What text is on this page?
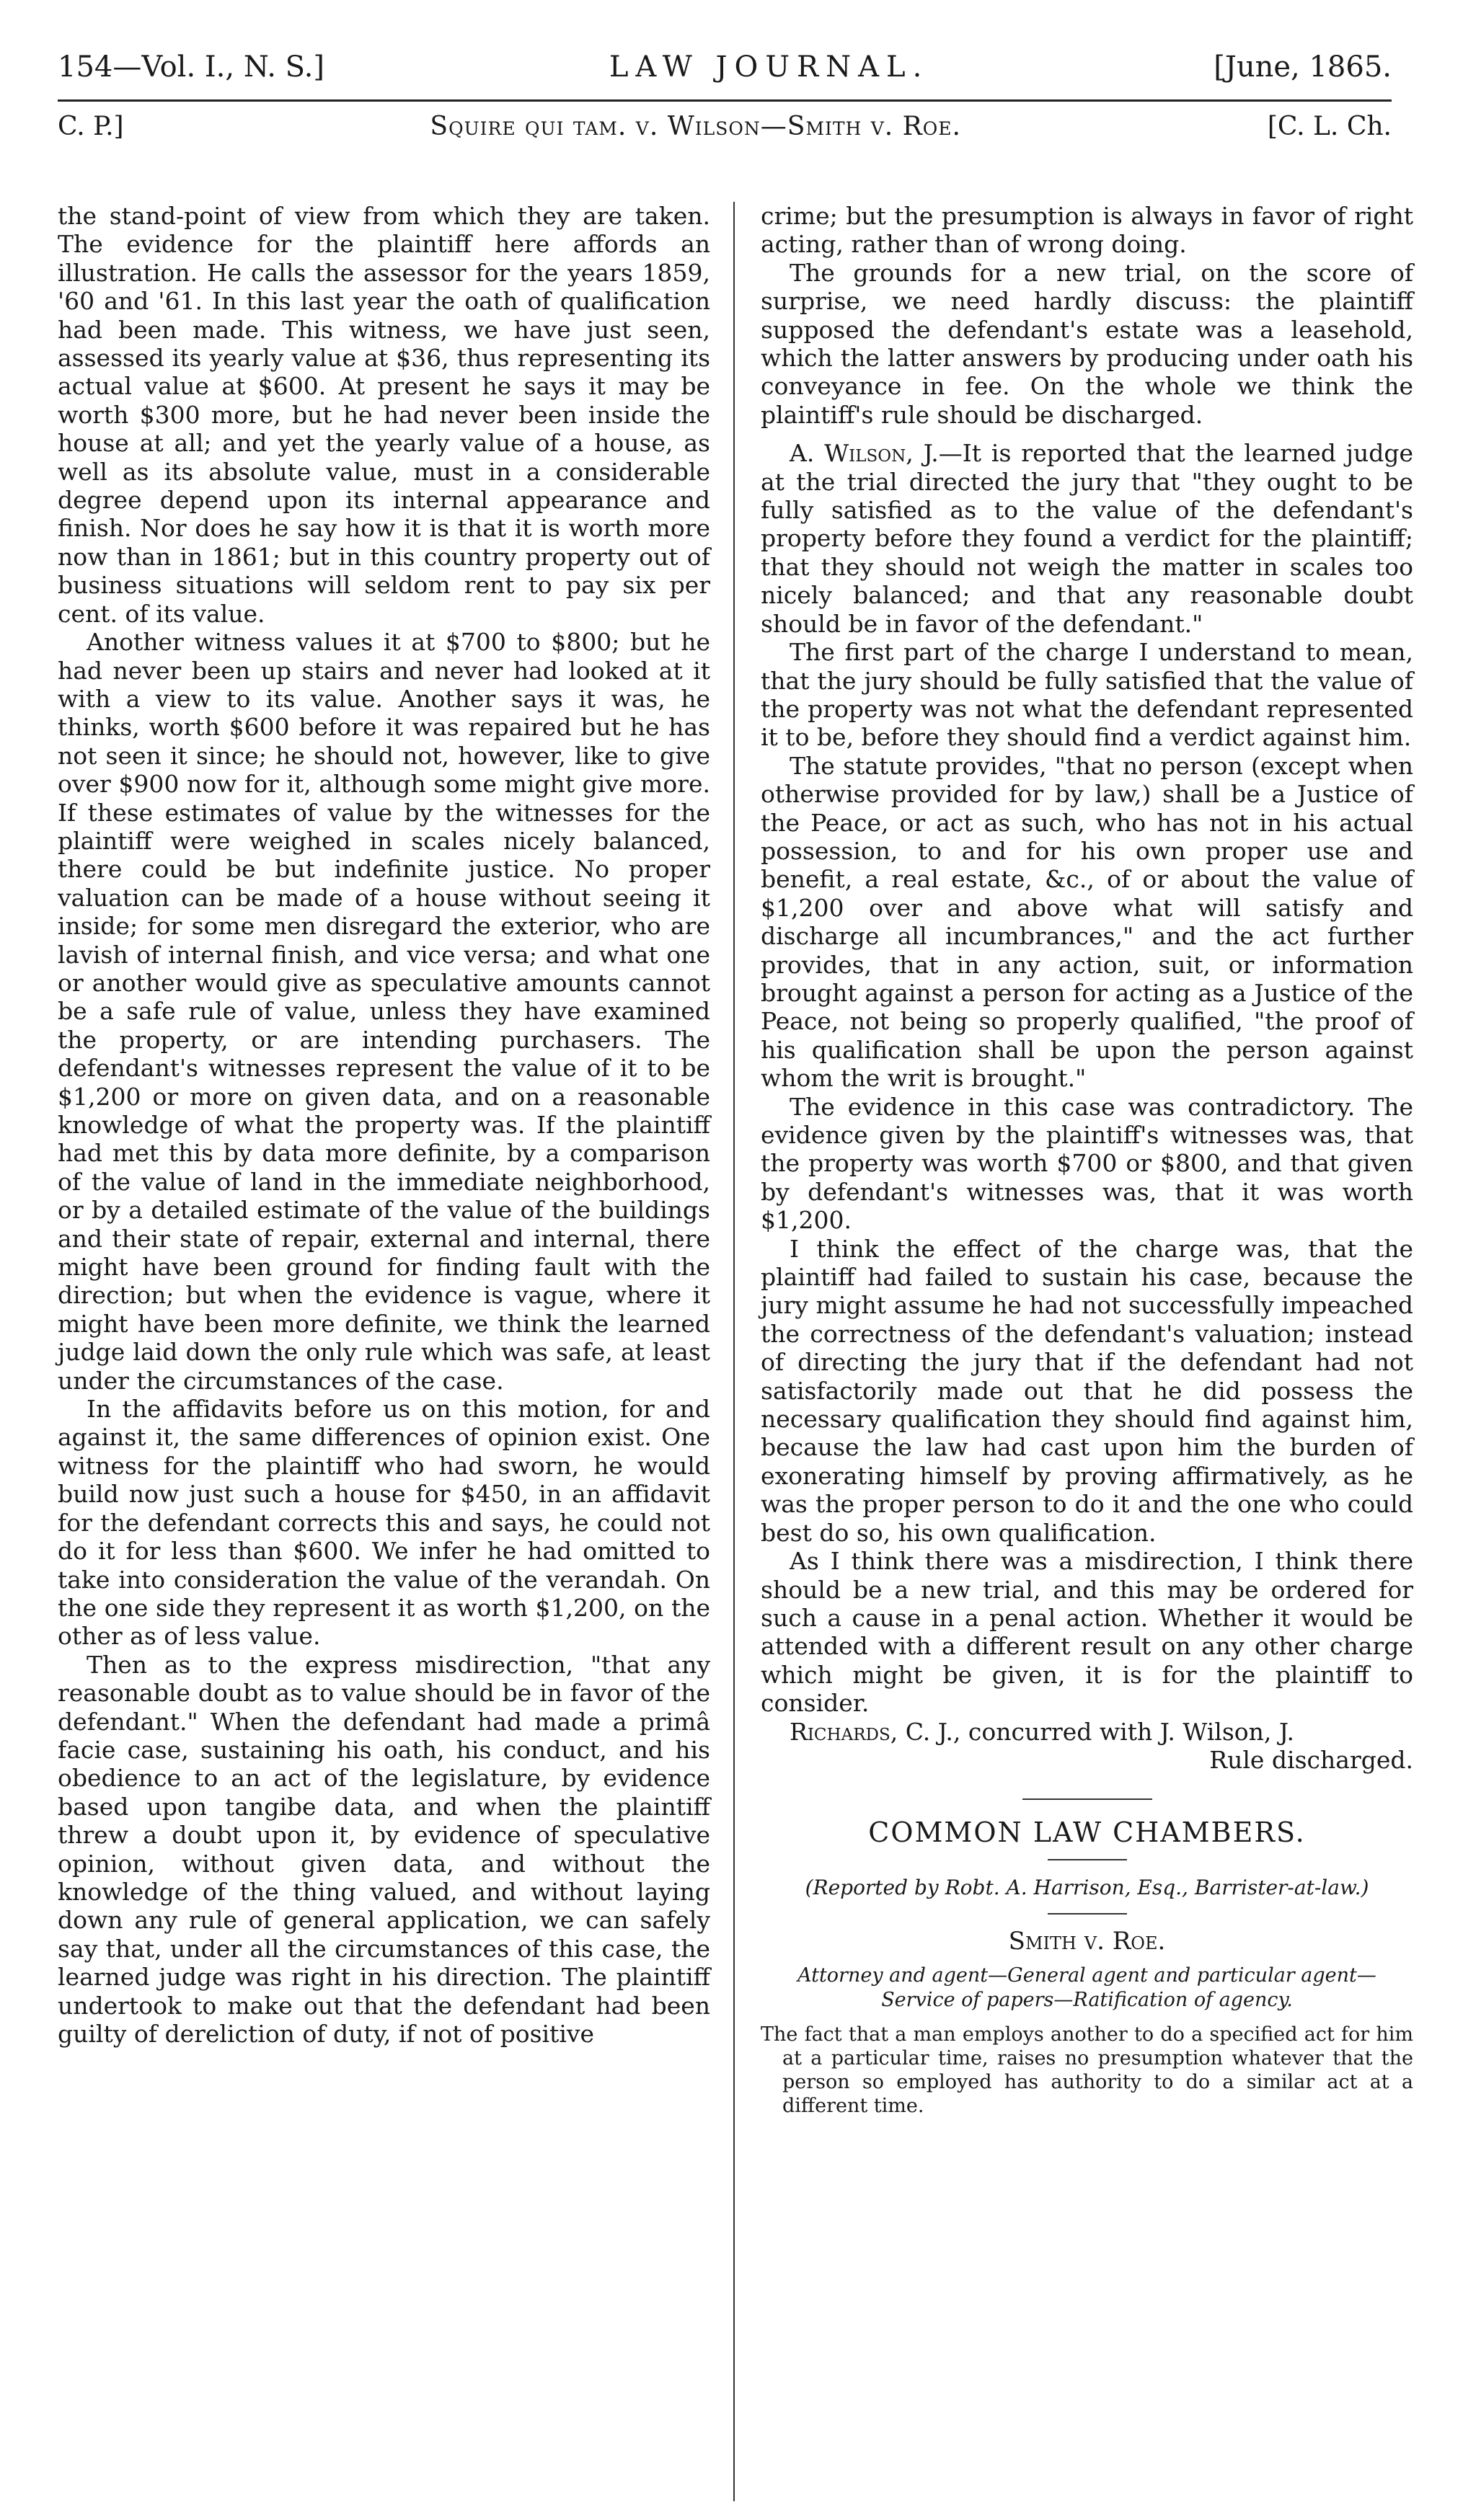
154—Vol. I., N. S.]	LAW JOURNAL.	[June, 1865.
C. P.]	Squire qui tam. v. Wilson—Smith v. Roe.	[C. L. Ch.

the stand-point of view from which they are taken. The evidence for the plaintiff here affords an illustration. He calls the assessor for the years 1859, '60 and '61. In this last year the oath of qualification had been made. This witness, we have just seen, assessed its yearly value at $36, thus representing its actual value at $600. At present he says it may be worth $300 more, but he had never been inside the house at all; and yet the yearly value of a house, as well as its absolute value, must in a considerable degree depend upon its internal appearance and finish. Nor does he say how it is that it is worth more now than in 1861; but in this country property out of business situations will seldom rent to pay six per cent. of its value.

Another witness values it at $700 to $800; but he had never been up stairs and never had looked at it with a view to its value. Another says it was, he thinks, worth $600 before it was repaired but he has not seen it since; he should not, however, like to give over $900 now for it, although some might give more. If these estimates of value by the witnesses for the plaintiff were weighed in scales nicely balanced, there could be but indefinite justice. No proper valuation can be made of a house without seeing it inside; for some men disregard the exterior, who are lavish of internal finish, and vice versa; and what one or another would give as speculative amounts cannot be a safe rule of value, unless they have examined the property, or are intending purchasers. The defendant's witnesses represent the value of it to be $1,200 or more on given data, and on a reasonable knowledge of what the property was. If the plaintiff had met this by data more definite, by a comparison of the value of land in the immediate neighborhood, or by a detailed estimate of the value of the buildings and their state of repair, external and internal, there might have been ground for finding fault with the direction; but when the evidence is vague, where it might have been more definite, we think the learned judge laid down the only rule which was safe, at least under the circumstances of the case.

In the affidavits before us on this motion, for and against it, the same differences of opinion exist. One witness for the plaintiff who had sworn, he would build now just such a house for $450, in an affidavit for the defendant corrects this and says, he could not do it for less than $600. We infer he had omitted to take into consideration the value of the verandah. On the one side they represent it as worth $1,200, on the other as of less value.

Then as to the express misdirection, "that any reasonable doubt as to value should be in favor of the defendant." When the defendant had made a primâ facie case, sustaining his oath, his conduct, and his obedience to an act of the legislature, by evidence based upon tangibe data, and when the plaintiff threw a doubt upon it, by evidence of speculative opinion, without given data, and without the knowledge of the thing valued, and without laying down any rule of general application, we can safely say that, under all the circumstances of this case, the learned judge was right in his direction. The plaintiff undertook to make out that the defendant had been guilty of dereliction of duty, if not of positive

crime; but the presumption is always in favor of right acting, rather than of wrong doing.

The grounds for a new trial, on the score of surprise, we need hardly discuss: the plaintiff supposed the defendant's estate was a leasehold, which the latter answers by producing under oath his conveyance in fee. On the whole we think the plaintiff's rule should be discharged.

A. Wilson, J.—It is reported that the learned judge at the trial directed the jury that "they ought to be fully satisfied as to the value of the defendant's property before they found a verdict for the plaintiff; that they should not weigh the matter in scales too nicely balanced; and that any reasonable doubt should be in favor of the defendant."

The first part of the charge I understand to mean, that the jury should be fully satisfied that the value of the property was not what the defendant represented it to be, before they should find a verdict against him.

The statute provides, "that no person (except when otherwise provided for by law,) shall be a Justice of the Peace, or act as such, who has not in his actual possession, to and for his own proper use and benefit, a real estate, &c., of or about the value of $1,200 over and above what will satisfy and discharge all incumbrances," and the act further provides, that in any action, suit, or information brought against a person for acting as a Justice of the Peace, not being so properly qualified, "the proof of his qualification shall be upon the person against whom the writ is brought."

The evidence in this case was contradictory. The evidence given by the plaintiff's witnesses was, that the property was worth $700 or $800, and that given by defendant's witnesses was, that it was worth $1,200.

I think the effect of the charge was, that the plaintiff had failed to sustain his case, because the jury might assume he had not successfully impeached the correctness of the defendant's valuation; instead of directing the jury that if the defendant had not satisfactorily made out that he did possess the necessary qualification they should find against him, because the law had cast upon him the burden of exonerating himself by proving affirmatively, as he was the proper person to do it and the one who could best do so, his own qualification.

As I think there was a misdirection, I think there should be a new trial, and this may be ordered for such a cause in a penal action. Whether it would be attended with a different result on any other charge which might be given, it is for the plaintiff to consider.

Richards, C. J., concurred with J. Wilson, J.

Rule discharged.

COMMON LAW CHAMBERS.
(Reported by Robt. A. Harrison, Esq., Barrister-at-law.)
Smith v. Roe.
Attorney and agent—General agent and particular agent—Service of papers—Ratification of agency.
The fact that a man employs another to do a specified act for him at a particular time, raises no presumption whatever that the person so employed has authority to do a similar act at a different time.
